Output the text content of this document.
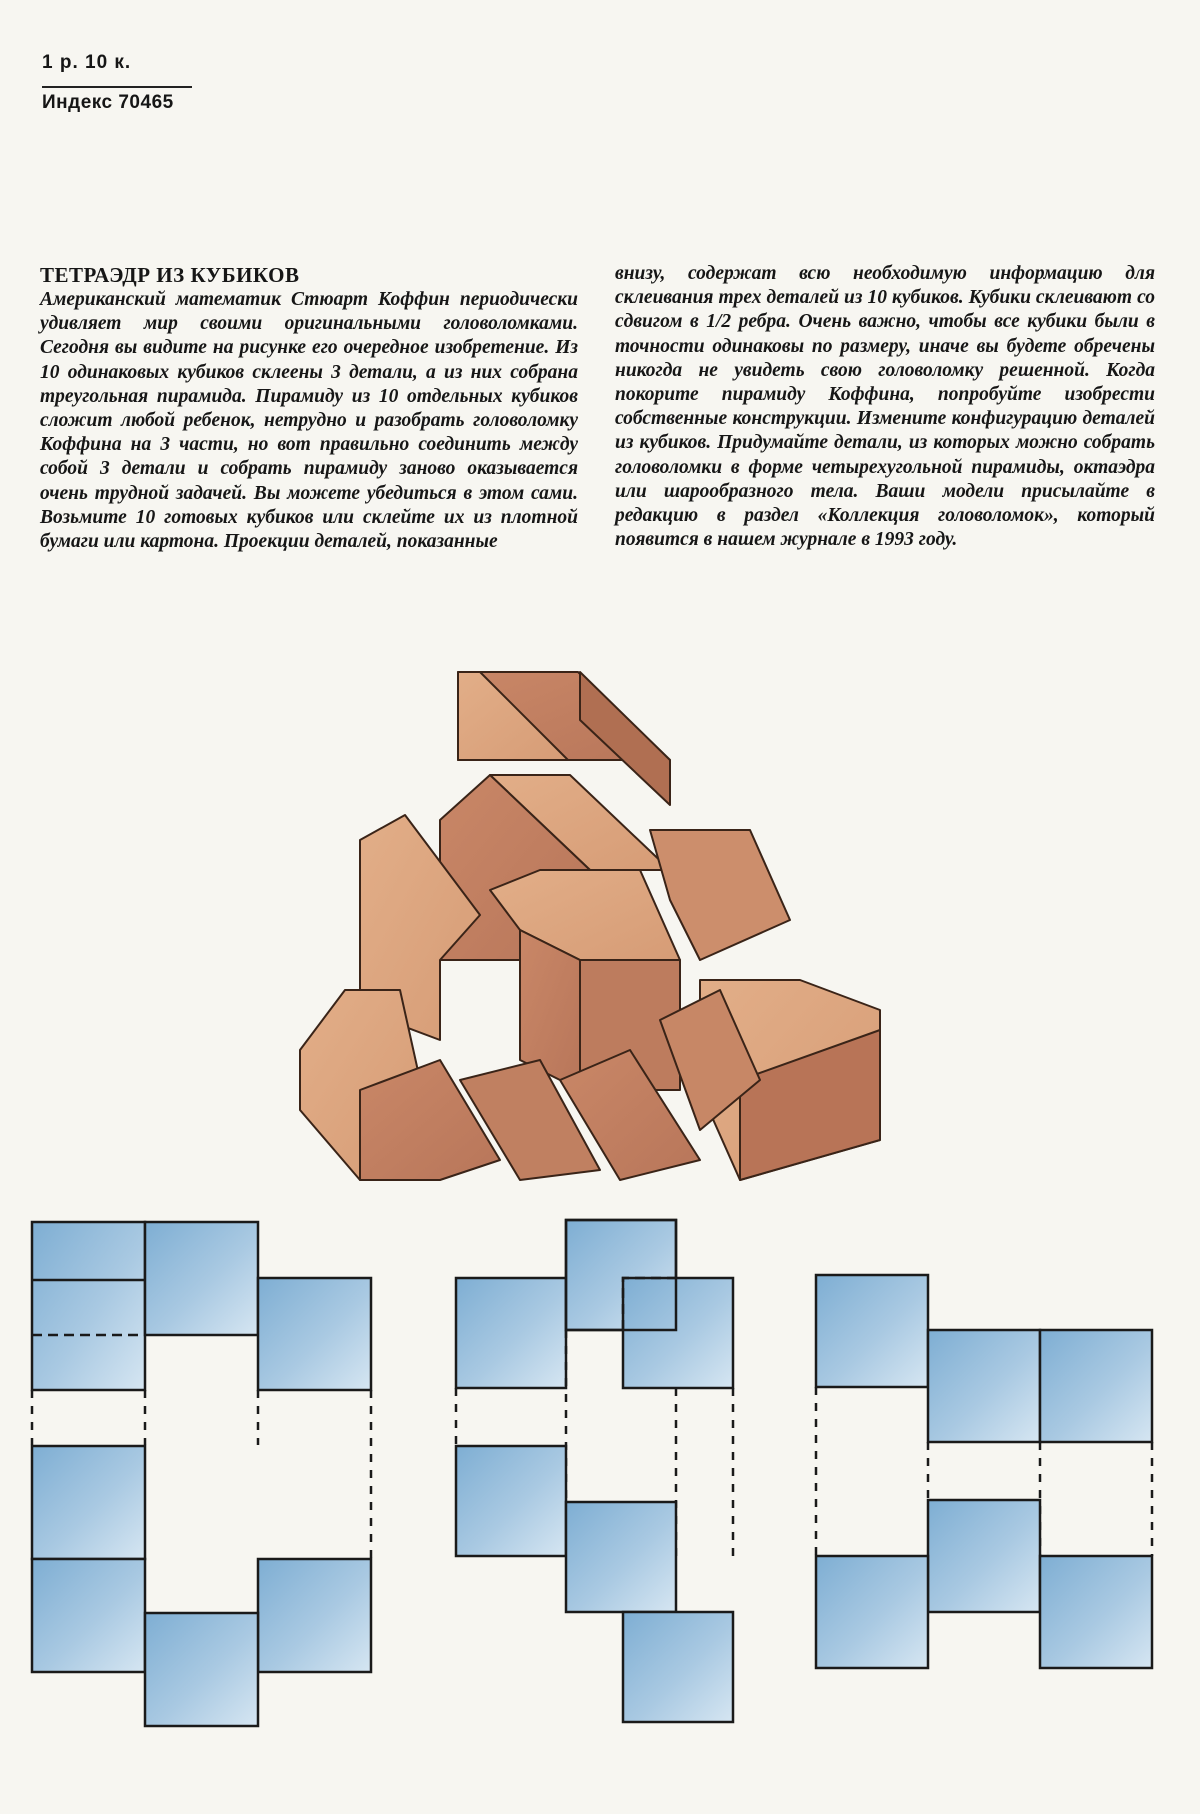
1 р. 10 к.
Индекс 70465
ТЕТРАЭДР ИЗ КУБИКОВ
Американский математик Стюарт Коффин периодически удивляет мир своими оригинальными головоломками. Сегодня вы видите на рисунке его очередное изобретение. Из 10 одинаковых кубиков склеены 3 детали, а из них собрана треугольная пирамида. Пирамиду из 10 отдельных кубиков сложит любой ребенок, нетрудно и разобрать головоломку Коффина на 3 части, но вот правильно соединить между собой 3 детали и собрать пирамиду заново оказывается очень трудной задачей. Вы можете убедиться в этом сами. Возьмите 10 готовых кубиков или склейте их из плотной бумаги или картона. Проекции деталей, показанные
внизу, содержат всю необходимую информацию для склеивания трех деталей из 10 кубиков. Кубики склеивают со сдвигом в 1/2 ребра. Очень важно, чтобы все кубики были в точности одинаковы по размеру, иначе вы будете обречены никогда не увидеть свою головоломку решенной. Когда покорите пирамиду Коффина, попробуйте изобрести собственные конструкции. Измените конфигурацию деталей из кубиков. Придумайте детали, из которых можно собрать головоломки в форме четырехугольной пирамиды, октаэдра или шарообразного тела. Ваши модели присылайте в редакцию в раздел «Коллекция головоломок», который появится в нашем журнале в 1993 году.
